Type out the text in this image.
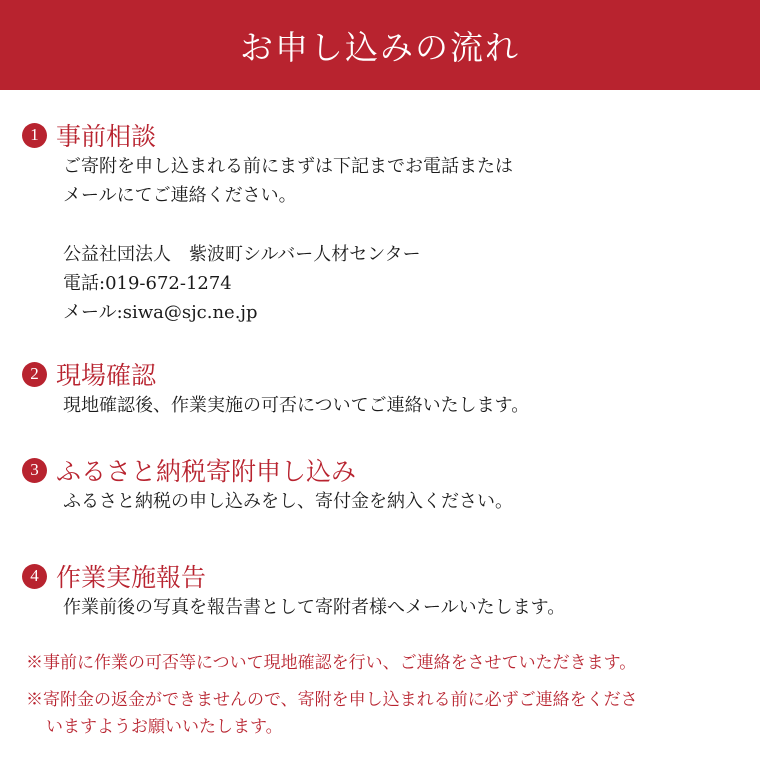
お申し込みの流れ
1 事前相談
ご寄附を申し込まれる前にまずは下記までお電話または
メールにてご連絡ください。
公益社団法人　紫波町シルバー人材センター
電話:019-672-1274
メール:siwa@sjc.ne.jp
2 現場確認
現地確認後、作業実施の可否についてご連絡いたします。
3 ふるさと納税寄附申し込み
ふるさと納税の申し込みをし、寄付金を納入ください。
4 作業実施報告
作業前後の写真を報告書として寄附者様へメールいたします。
※事前に作業の可否等について現地確認を行い、ご連絡をさせていただきます。
※寄附金の返金ができませんので、寄附を申し込まれる前に必ずご連絡をくださ
いますようお願いいたします。
